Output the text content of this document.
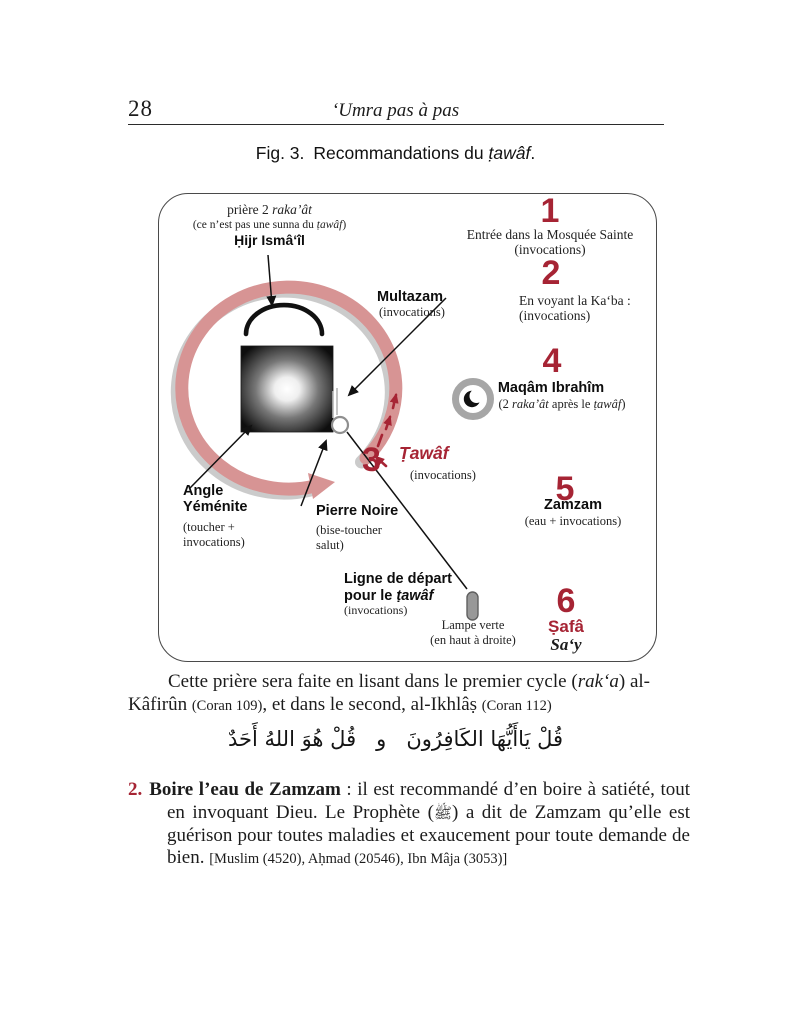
28	‘Umra pas à pas
Fig. 3. Recommandations du ṭawâf.
prière 2 raka’ât
(ce n’est pas une sunna du ṭawâf)
Ḥijr Ismâ‘îl
Multazam
(invocations)
Angle
Yéménite
(toucher +
invocations)
Pierre Noire
(bise-toucher
salut)
Ligne de départ
pour le ṭawâf
(invocations)
Lampe verte
(en haut à droite)
1
Entrée dans la Mosquée Sainte
(invocations)
2
En voyant la Ka‘ba :
(invocations)
3 Ṭawâf
(invocations)
4
Maqâm Ibrahîm
(2 raka’ât après le ṭawâf)
5
Zamzam
(eau + invocations)
6
Ṣafâ
Sa‘y

Cette prière sera faite en lisant dans le premier cycle (rak‘a) al-Kâfirûn (Coran 109), et dans le second, al-Ikhlâṣ (Coran 112)

قُلْ يَاأَيُّهَا الكَافِرُونَ   و   قُلْ هُوَ اللهُ أَحَدٌ

2. Boire l’eau de Zamzam : il est recommandé d’en boire à satiété, tout en invoquant Dieu. Le Prophète (ﷺ) a dit de Zamzam qu’elle est guérison pour toutes maladies et exaucement pour toute demande de bien. [Muslim (4520), Aḥmad (20546), Ibn Mâja (3053)]
